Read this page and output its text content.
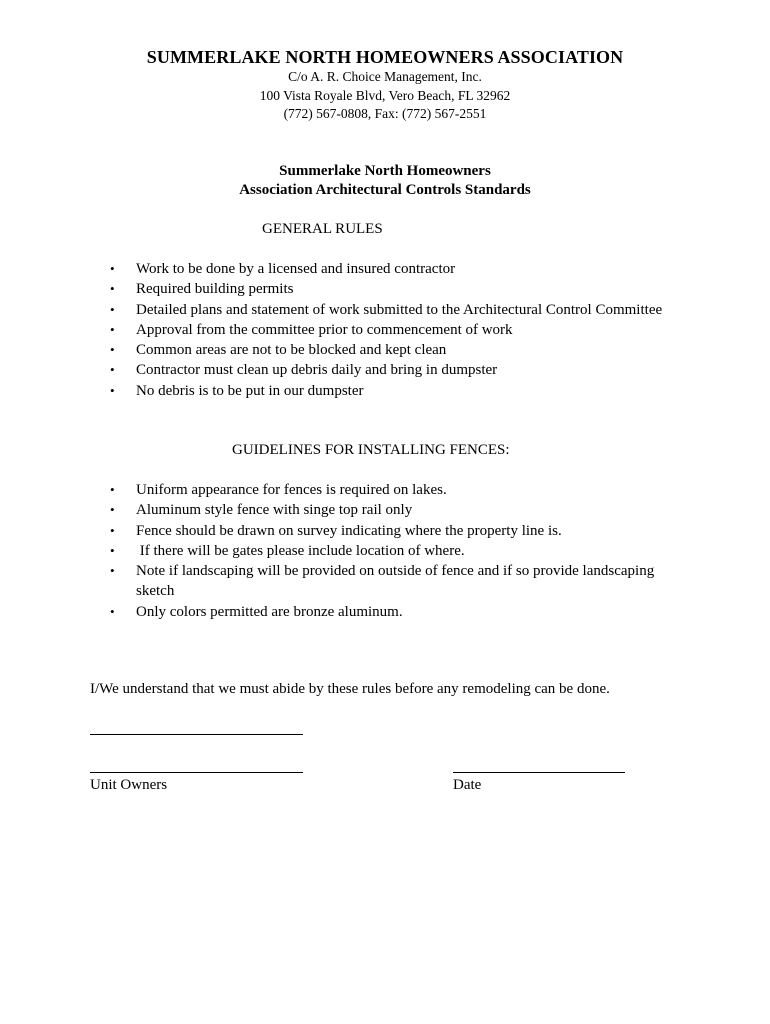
SUMMERLAKE NORTH HOMEOWNERS ASSOCIATION
C/o A. R. Choice Management, Inc.
100 Vista Royale Blvd, Vero Beach, FL 32962
(772) 567-0808, Fax: (772) 567-2551
Summerlake North Homeowners
Association Architectural Controls Standards
GENERAL RULES
• Work to be done by a licensed and insured contractor
• Required building permits
• Detailed plans and statement of work submitted to the Architectural Control Committee
• Approval from the committee prior to commencement of work
• Common areas are not to be blocked and kept clean
• Contractor must clean up debris daily and bring in dumpster
• No debris is to be put in our dumpster
GUIDELINES FOR INSTALLING FENCES:
• Uniform appearance for fences is required on lakes.
• Aluminum style fence with singe top rail only
• Fence should be drawn on survey indicating where the property line is.
• If there will be gates please include location of where.
• Note if landscaping will be provided on outside of fence and if so provide landscaping sketch
• Only colors permitted are bronze aluminum.
I/We understand that we must abide by these rules before any remodeling can be done.
Unit Owners	Date
